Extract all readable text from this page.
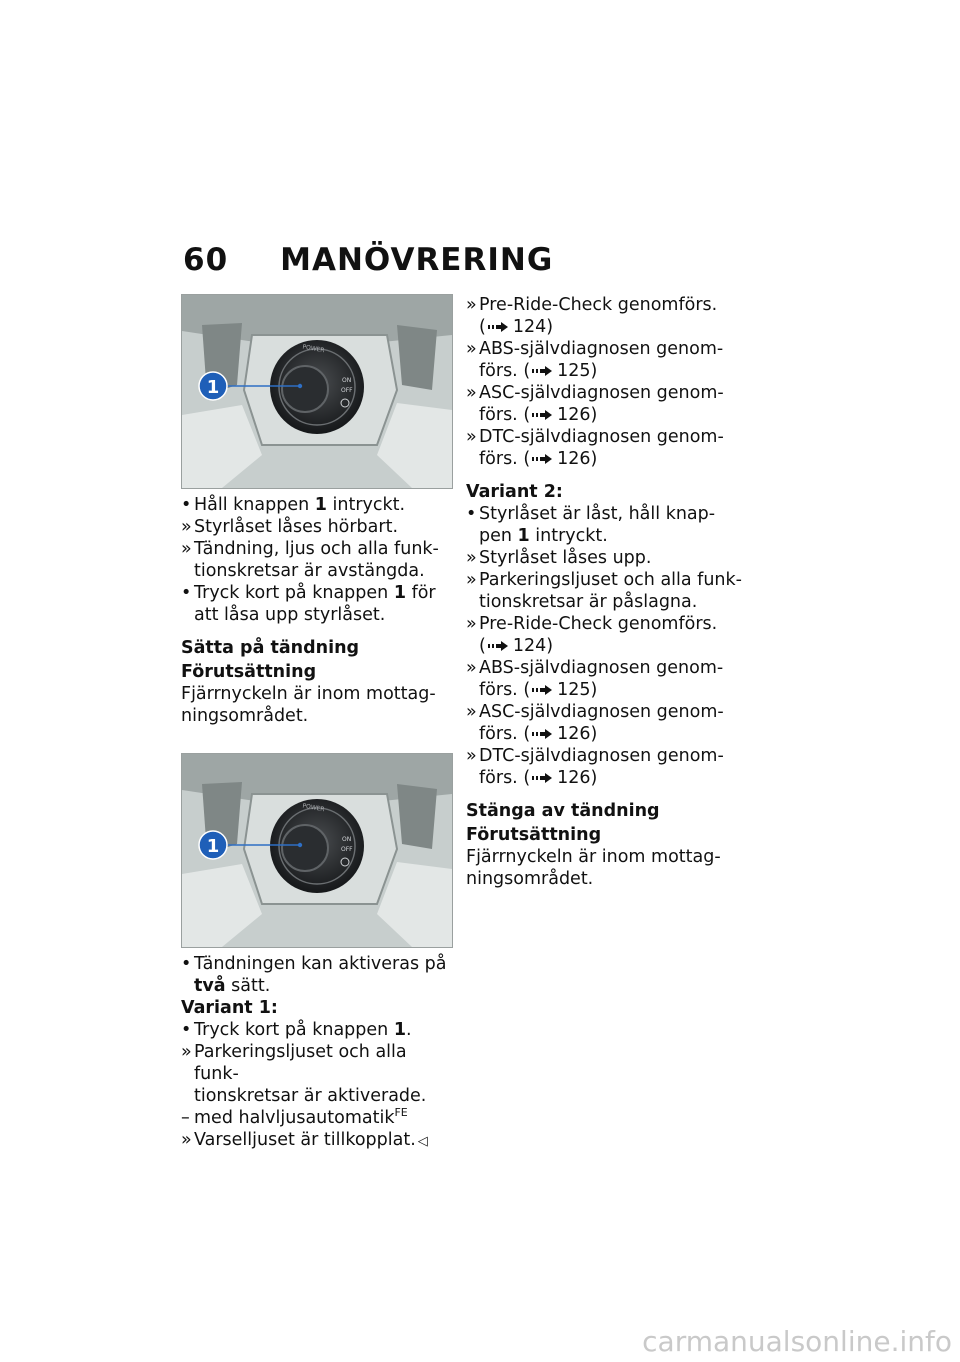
60 MANÖVRERING
POWER
ON
OFF
1

• Håll knappen 1 intryckt.

» Styrlåset låses hörbart.

» Tändning, ljus och alla funk-
tionskretsar är avstängda.

• Tryck kort på knappen 1 för
att låsa upp styrlåset.

Sätta på tändning

Förutsättning

Fjärrnyckeln är inom mottag-
ningsområdet.

POWER
ON
OFF
1

• Tändningen kan aktiveras på
två sätt.

Variant 1:

• Tryck kort på knappen 1.

» Parkeringsljuset och alla funk-
tionskretsar är aktiverade.

– med halvljusautomatik$^{FE}$

» Varselljuset är tillkopplat. ◁

» Pre-Ride-Check genomförs.
( 124)

» ABS-självdiagnosen genom-
förs. ( 125)

» ASC-självdiagnosen genom-
förs. ( 126)

» DTC-självdiagnosen genom-
förs. ( 126)

Variant 2:

• Styrlåset är låst, håll knap-
pen 1 intryckt.

» Styrlåset låses upp.

» Parkeringsljuset och alla funk-
tionskretsar är påslagna.

» Pre-Ride-Check genomförs.
( 124)

» ABS-självdiagnosen genom-
förs. ( 125)

» ASC-självdiagnosen genom-
förs. ( 126)

» DTC-självdiagnosen genom-
förs. ( 126)

Stänga av tändning

Förutsättning

Fjärrnyckeln är inom mottag-
ningsområdet.

carmanualsonline.info
